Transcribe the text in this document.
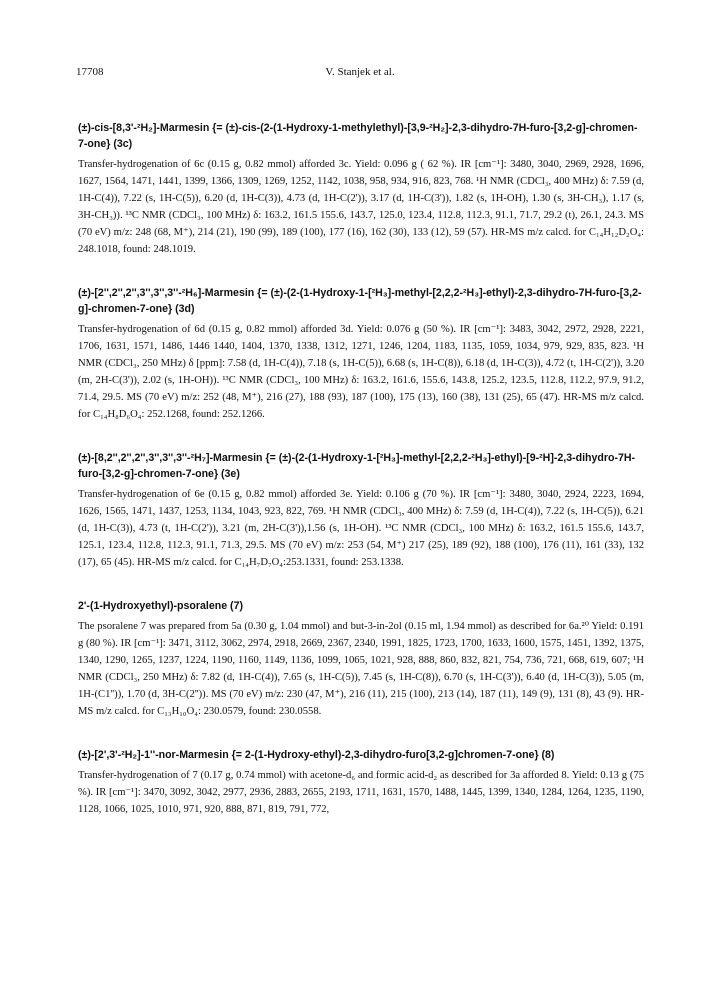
17708	V. Stanjek et al.

(±)-cis-[8,3'-²H₂]-Marmesin {= (±)-cis-(2-(1-Hydroxy-1-methylethyl)-[3,9-²H₂]-2,3-dihydro-7H-furo-[3,2-g]-chromen-7-one} (3c)

Transfer-hydrogenation of 6c (0.15 g, 0.82 mmol) afforded 3c. Yield: 0.096 g ( 62 %). IR [cm⁻¹]: 3480, 3040, 2969, 2928, 1696, 1627, 1564, 1471, 1441, 1399, 1366, 1309, 1269, 1252, 1142, 1038, 958, 934, 916, 823, 768. ¹H NMR (CDCl₃, 400 MHz) δ: 7.59 (d, 1H-C(4)), 7.22 (s, 1H-C(5)), 6.20 (d, 1H-C(3)), 4.73 (d, 1H-C(2')), 3.17 (d, 1H-C(3')), 1.82 (s, 1H-OH), 1.30 (s, 3H-CH₃), 1.17 (s, 3H-CH₃)). ¹³C NMR (CDCl₃, 100 MHz) δ: 163.2, 161.5 155.6, 143.7, 125.0, 123.4, 112.8, 112.3, 91.1, 71.7, 29.2 (t), 26.1, 24.3. MS (70 eV) m/z: 248 (68, M⁺), 214 (21), 190 (99), 189 (100), 177 (16), 162 (30), 133 (12), 59 (57). HR-MS m/z calcd. for C₁₄H₁₂D₂O₄: 248.1018, found: 248.1019.

(±)-[2'',2'',2'',3'',3'',3''-²H₆]-Marmesin {= (±)-(2-(1-Hydroxy-1-[²H₃]-methyl-[2,2,2-²H₃]-ethyl)-2,3-dihydro-7H-furo-[3,2-g]-chromen-7-one} (3d)

Transfer-hydrogenation of 6d (0.15 g, 0.82 mmol) afforded 3d. Yield: 0.076 g (50 %). IR [cm⁻¹]: 3483, 3042, 2972, 2928, 2221, 1706, 1631, 1571, 1486, 1446 1440, 1404, 1370, 1338, 1312, 1271, 1246, 1204, 1183, 1135, 1059, 1034, 979, 929, 835, 823. ¹H NMR (CDCl₃, 250 MHz) δ [ppm]: 7.58 (d, 1H-C(4)), 7.18 (s, 1H-C(5)), 6.68 (s, 1H-C(8)), 6.18 (d, 1H-C(3)), 4.72 (t, 1H-C(2')), 3.20 (m, 2H-C(3')), 2.02 (s, 1H-OH)). ¹³C NMR (CDCl₃, 100 MHz) δ: 163.2, 161.6, 155.6, 143.8, 125.2, 123.5, 112.8, 112.2, 97.9, 91.2, 71.4, 29.5. MS (70 eV) m/z: 252 (48, M⁺), 216 (27), 188 (93), 187 (100), 175 (13), 160 (38), 131 (25), 65 (47). HR-MS m/z calcd. for C₁₄H₈D₆O₄: 252.1268, found: 252.1266.

(±)-[8,2'',2'',2'',3'',3'',3''-²H₇]-Marmesin {= (±)-(2-(1-Hydroxy-1-[²H₃]-methyl-[2,2,2-²H₃]-ethyl)-[9-²H]-2,3-dihydro-7H-furo-[3,2-g]-chromen-7-one} (3e)

Transfer-hydrogenation of 6e (0.15 g, 0.82 mmol) afforded 3e. Yield: 0.106 g (70 %). IR [cm⁻¹]: 3480, 3040, 2924, 2223, 1694, 1626, 1565, 1471, 1437, 1253, 1134, 1043, 923, 822, 769. ¹H NMR (CDCl₃, 400 MHz) δ: 7.59 (d, 1H-C(4)), 7.22 (s, 1H-C(5)), 6.21 (d, 1H-C(3)), 4.73 (t, 1H-C(2')), 3.21 (m, 2H-C(3')),1.56 (s, 1H-OH). ¹³C NMR (CDCl₃, 100 MHz) δ: 163.2, 161.5 155.6, 143.7, 125.1, 123.4, 112.8, 112.3, 91.1, 71.3, 29.5. MS (70 eV) m/z: 253 (54, M⁺) 217 (25), 189 (92), 188 (100), 176 (11), 161 (33), 132 (17), 65 (45). HR-MS m/z calcd. for C₁₄H₇D₇O₄:253.1331, found: 253.1338.

2'-(1-Hydroxyethyl)-psoralene (7)

The psoralene 7 was prepared from 5a (0.30 g, 1.04 mmol) and but-3-in-2ol (0.15 ml, 1.94 mmol) as described for 6a.²⁰ Yield: 0.191 g (80 %). IR [cm⁻¹]: 3471, 3112, 3062, 2974, 2918, 2669, 2367, 2340, 1991, 1825, 1723, 1700, 1633, 1600, 1575, 1451, 1392, 1375, 1340, 1290, 1265, 1237, 1224, 1190, 1160, 1149, 1136, 1099, 1065, 1021, 928, 888, 860, 832, 821, 754, 736, 721, 668, 619, 607; ¹H NMR (CDCl₃, 250 MHz) δ: 7.82 (d, 1H-C(4)), 7.65 (s, 1H-C(5)), 7.45 (s, 1H-C(8)), 6.70 (s, 1H-C(3')), 6.40 (d, 1H-C(3)), 5.05 (m, 1H-(C1'')), 1.70 (d, 3H-C(2'')). MS (70 eV) m/z: 230 (47, M⁺), 216 (11), 215 (100), 213 (14), 187 (11), 149 (9), 131 (8), 43 (9). HR-MS m/z calcd. for C₁₃H₁₀O₄: 230.0579, found: 230.0558.

(±)-[2',3'-²H₂]-1''-nor-Marmesin {= 2-(1-Hydroxy-ethyl)-2,3-dihydro-furo[3,2-g]chromen-7-one} (8)

Transfer-hydrogenation of 7 (0.17 g, 0.74 mmol) with acetone-d₆ and formic acid-d₂ as described for 3a afforded 8. Yield: 0.13 g (75 %). IR [cm⁻¹]: 3470, 3092, 3042, 2977, 2936, 2883, 2655, 2193, 1711, 1631, 1570, 1488, 1445, 1399, 1340, 1284, 1264, 1235, 1190, 1128, 1066, 1025, 1010, 971, 920, 888, 871, 819, 791, 772,
